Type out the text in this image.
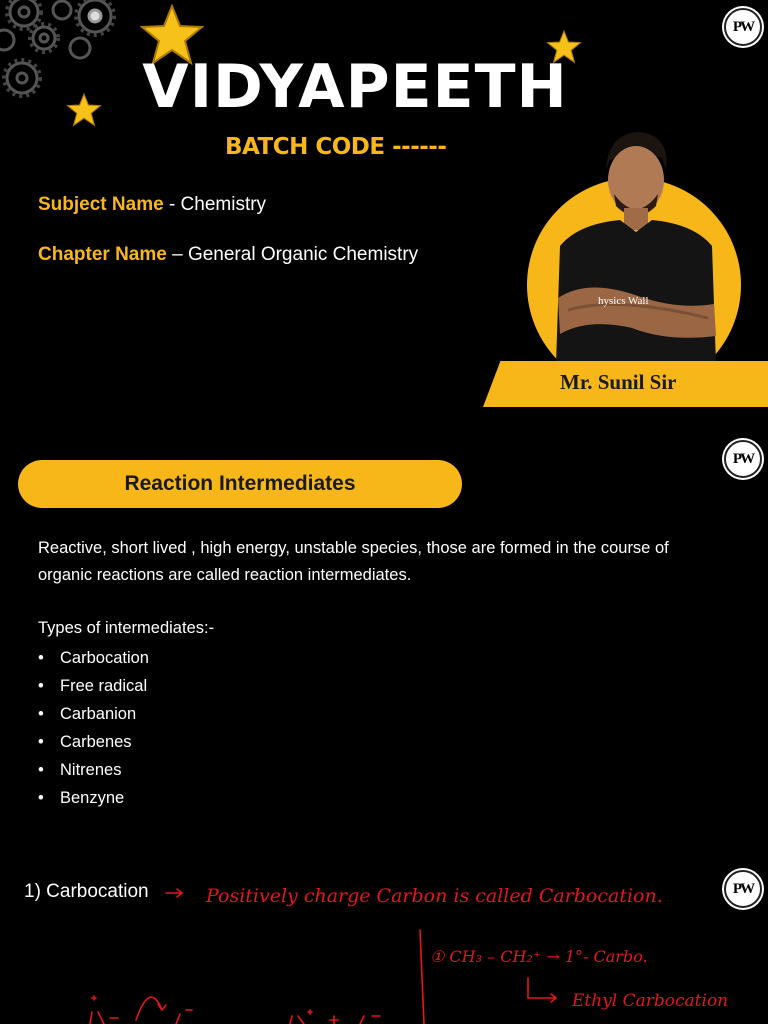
PW
PW
PW
VIDYAPEETH
BATCH CODE ------
Subject Name - Chemistry
Chapter Name – General Organic Chemistry
hysics Wall
Mr. Sunil Sir
Reaction Intermediates
Reactive, short lived , high energy, unstable species, those are formed in the course of
organic reactions are called reaction intermediates.
Types of intermediates:-
• Carbocation
• Free radical
• Carbanion
• Carbenes
• Nitrenes
• Benzyne
1) Carbocation	Positively charge Carbon is called Carbocation.
① CH₃ – CH₂⁺ → 1°- Carbo.
Ethyl Carbocation
